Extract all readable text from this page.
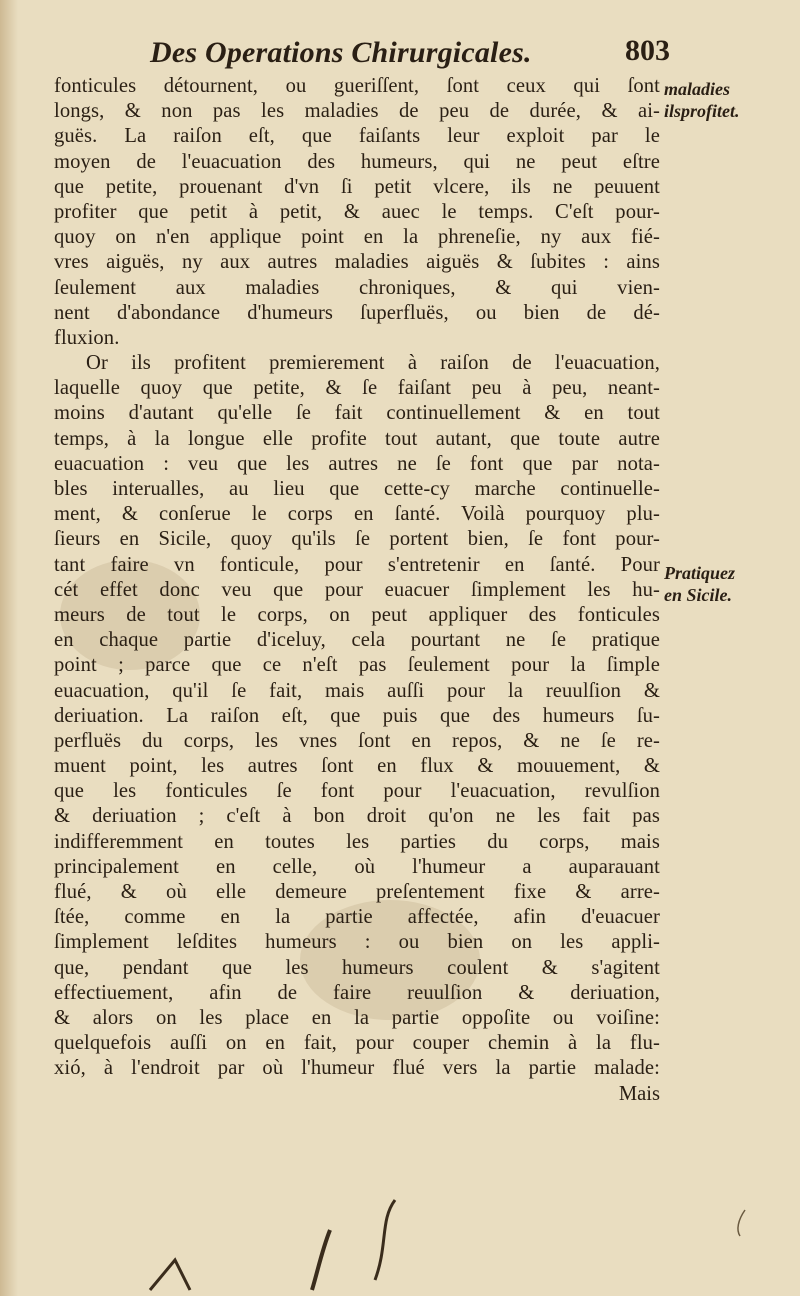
Des Operations Chirurgicales.	803
maladies
ilsprofitet.
Pratiquez
en Sicile.
fonticules détournent, ou gueriſſent, ſont ceux qui ſont
longs, & non pas les maladies de peu de durée, & ai-
guës. La raiſon eſt, que faiſants leur exploit par le
moyen de l'euacuation des humeurs, qui ne peut eſtre
que petite, prouenant d'vn ſi petit vlcere, ils ne peuuent
profiter que petit à petit, & auec le temps. C'eſt pour-
quoy on n'en applique point en la phreneſie, ny aux fié-
vres aiguës, ny aux autres maladies aiguës & ſubites : ains
ſeulement aux maladies chroniques, & qui vien-
nent d'abondance d'humeurs ſuperfluës, ou bien de dé-
fluxion.
Or ils profitent premierement à raiſon de l'euacuation,
laquelle quoy que petite, & ſe faiſant peu à peu, neant-
moins d'autant qu'elle ſe fait continuellement & en tout
temps, à la longue elle profite tout autant, que toute autre
euacuation : veu que les autres ne ſe font que par nota-
bles interualles, au lieu que cette-cy marche continuelle-
ment, & conſerue le corps en ſanté. Voilà pourquoy plu-
ſieurs en Sicile, quoy qu'ils ſe portent bien, ſe font pour-
tant faire vn fonticule, pour s'entretenir en ſanté. Pour
cét effet donc veu que pour euacuer ſimplement les hu-
meurs de tout le corps, on peut appliquer des fonticules
en chaque partie d'iceluy, cela pourtant ne ſe pratique
point ; parce que ce n'eſt pas ſeulement pour la ſimple
euacuation, qu'il ſe fait, mais auſſi pour la reuulſion &
deriuation. La raiſon eſt, que puis que des humeurs ſu-
perfluës du corps, les vnes ſont en repos, & ne ſe re-
muent point, les autres ſont en flux & mouuement, &
que les fonticules ſe font pour l'euacuation, revulſion
& deriuation ; c'eſt à bon droit qu'on ne les fait pas
indifferemment en toutes les parties du corps, mais
principalement en celle, où l'humeur a auparauant
flué, & où elle demeure preſentement fixe & arre-
ſtée, comme en la partie affectée, afin d'euacuer
ſimplement leſdites humeurs : ou bien on les appli-
que, pendant que les humeurs coulent & s'agitent
effectiuement, afin de faire reuulſion & deriuation,
& alors on les place en la partie oppoſite ou voiſine:
quelquefois auſſi on en fait, pour couper chemin à la flu-
xió, à l'endroit par où l'humeur flué vers la partie malade:
Mais
